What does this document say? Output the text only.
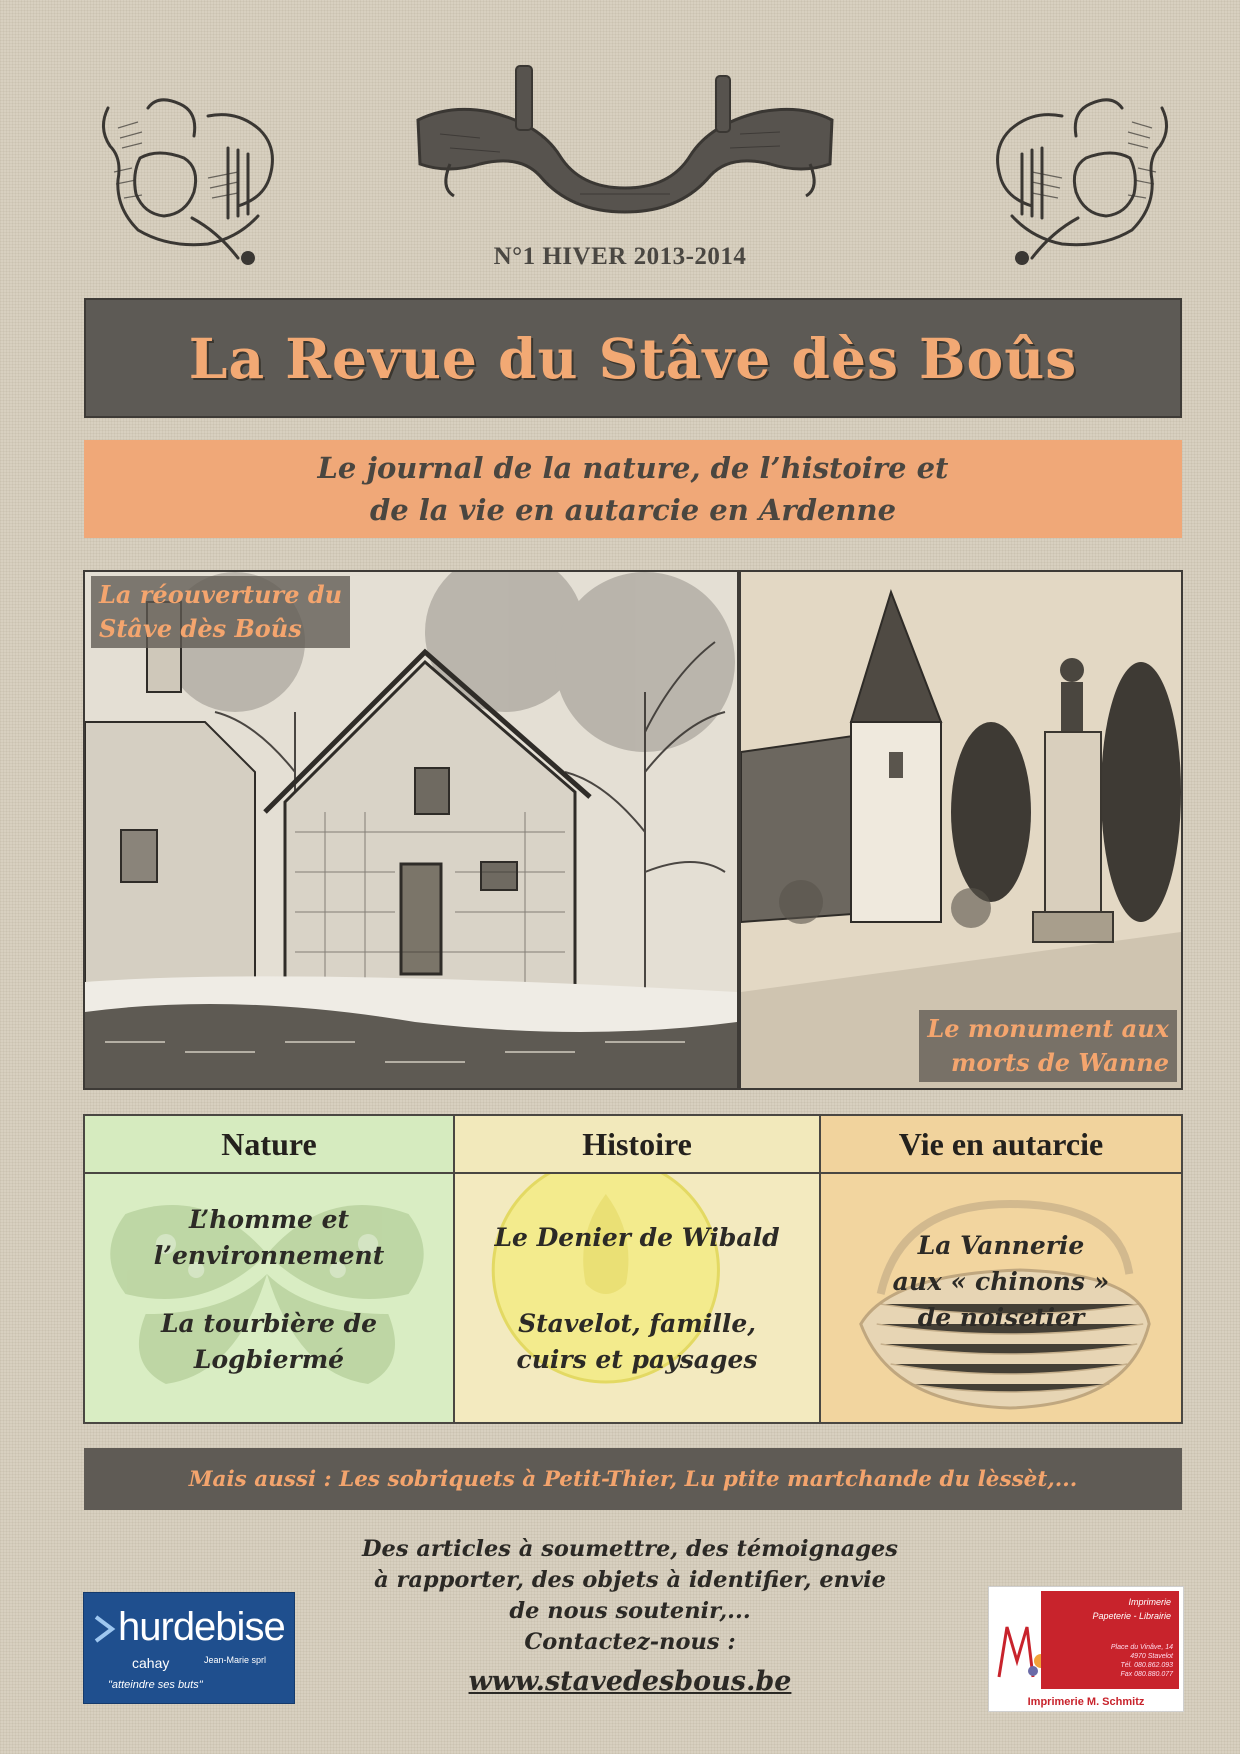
N°1 HIVER 2013-2014
La Revue du Stâve dès Boûs
Le journal de la nature, de l’histoire et
de la vie en autarcie en Ardenne
La réouverture du
Stâve dès Boûs
Le monument aux
morts de Wanne
Nature
L’homme et
l’environnement
La tourbière de
Logbiermé
Histoire
Le Denier de Wibald
Stavelot, famille,
cuirs et paysages
Vie en autarcie
La Vannerie
aux « chinons »
de noisetier
Mais aussi : Les sobriquets à Petit-Thier, Lu ptite martchande du lèssèt,...
Des articles à soumettre, des témoignages
à rapporter, des objets à identifier, envie
de nous soutenir,...
Contactez-nous :
www.stavedesbous.be
hurdebise
cahay	Jean-Marie sprl
"atteindre ses buts"
Imprimerie
Papeterie - Librairie
Place du Vinâve, 14
4970 Stavelot
Tél. 080.862.093
Fax 080.880.077
Imprimerie M. Schmitz
